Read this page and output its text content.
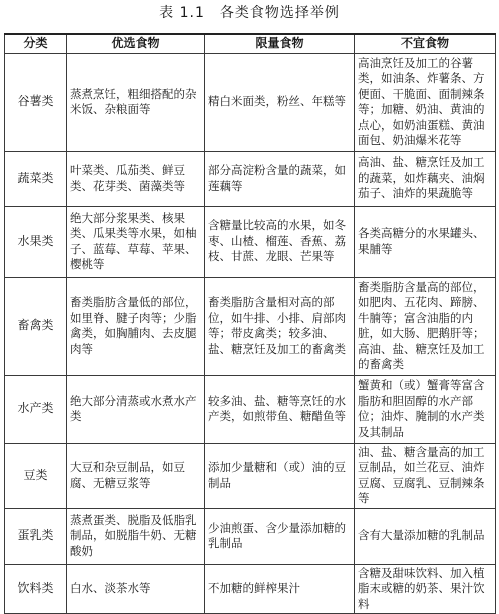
表 1.1　各类食物选择举例
分类	优选食物	限量食物	不宜食物
谷薯类	蒸煮烹饪，粗细搭配的杂米饭、杂粮面等	精白米面类，粉丝、年糕等	高油烹饪及加工的谷薯类，如油条、炸薯条、方便面、干脆面、面制辣条等；加糖、奶油、黄油的点心，如奶油蛋糕、黄油面包、奶油爆米花等
蔬菜类	叶菜类、瓜茄类、鲜豆类、花芽类、菌藻类等	部分高淀粉含量的蔬菜，如莲藕等	高油、盐、糖烹饪及加工的蔬菜，如炸藕夹、油焖茄子、油炸的果蔬脆等
水果类	绝大部分浆果类、核果类、瓜果类等水果，如柚子、蓝莓、草莓、苹果、樱桃等	含糖量比较高的水果，如冬枣、山楂、榴莲、香蕉、荔枝、甘蔗、龙眼、芒果等	各类高糖分的水果罐头、果脯等
畜禽类	畜类脂肪含量低的部位，如里脊、腱子肉等；少脂禽类，如胸脯肉、去皮腿肉等	畜类脂肪含量相对高的部位，如牛排、小排、肩部肉等；带皮禽类；较多油、盐、糖烹饪及加工的畜禽类	畜类脂肪含量高的部位，如肥肉、五花肉、蹄膀、牛腩等；富含油脂的内脏，如大肠、肥鹅肝等；高油、盐、糖烹饪及加工的畜禽类
水产类	绝大部分清蒸或水煮水产类	较多油、盐、糖等烹饪的水产类，如煎带鱼、糖醋鱼等	蟹黄和（或）蟹膏等富含脂肪和胆固醇的水产部位；油炸、腌制的水产类及其制品
豆类	大豆和杂豆制品，如豆腐、无糖豆浆等	添加少量糖和（或）油的豆制品	油、盐、糖含量高的加工豆制品，如兰花豆、油炸豆腐、豆腐乳、豆制辣条等
蛋乳类	蒸煮蛋类、脱脂及低脂乳制品，如脱脂牛奶、无糖酸奶	少油煎蛋、含少量添加糖的乳制品	含有大量添加糖的乳制品
饮料类	白水、淡茶水等	不加糖的鲜榨果汁	含糖及甜味饮料、加入植脂末或糖的奶茶、果汁饮料
